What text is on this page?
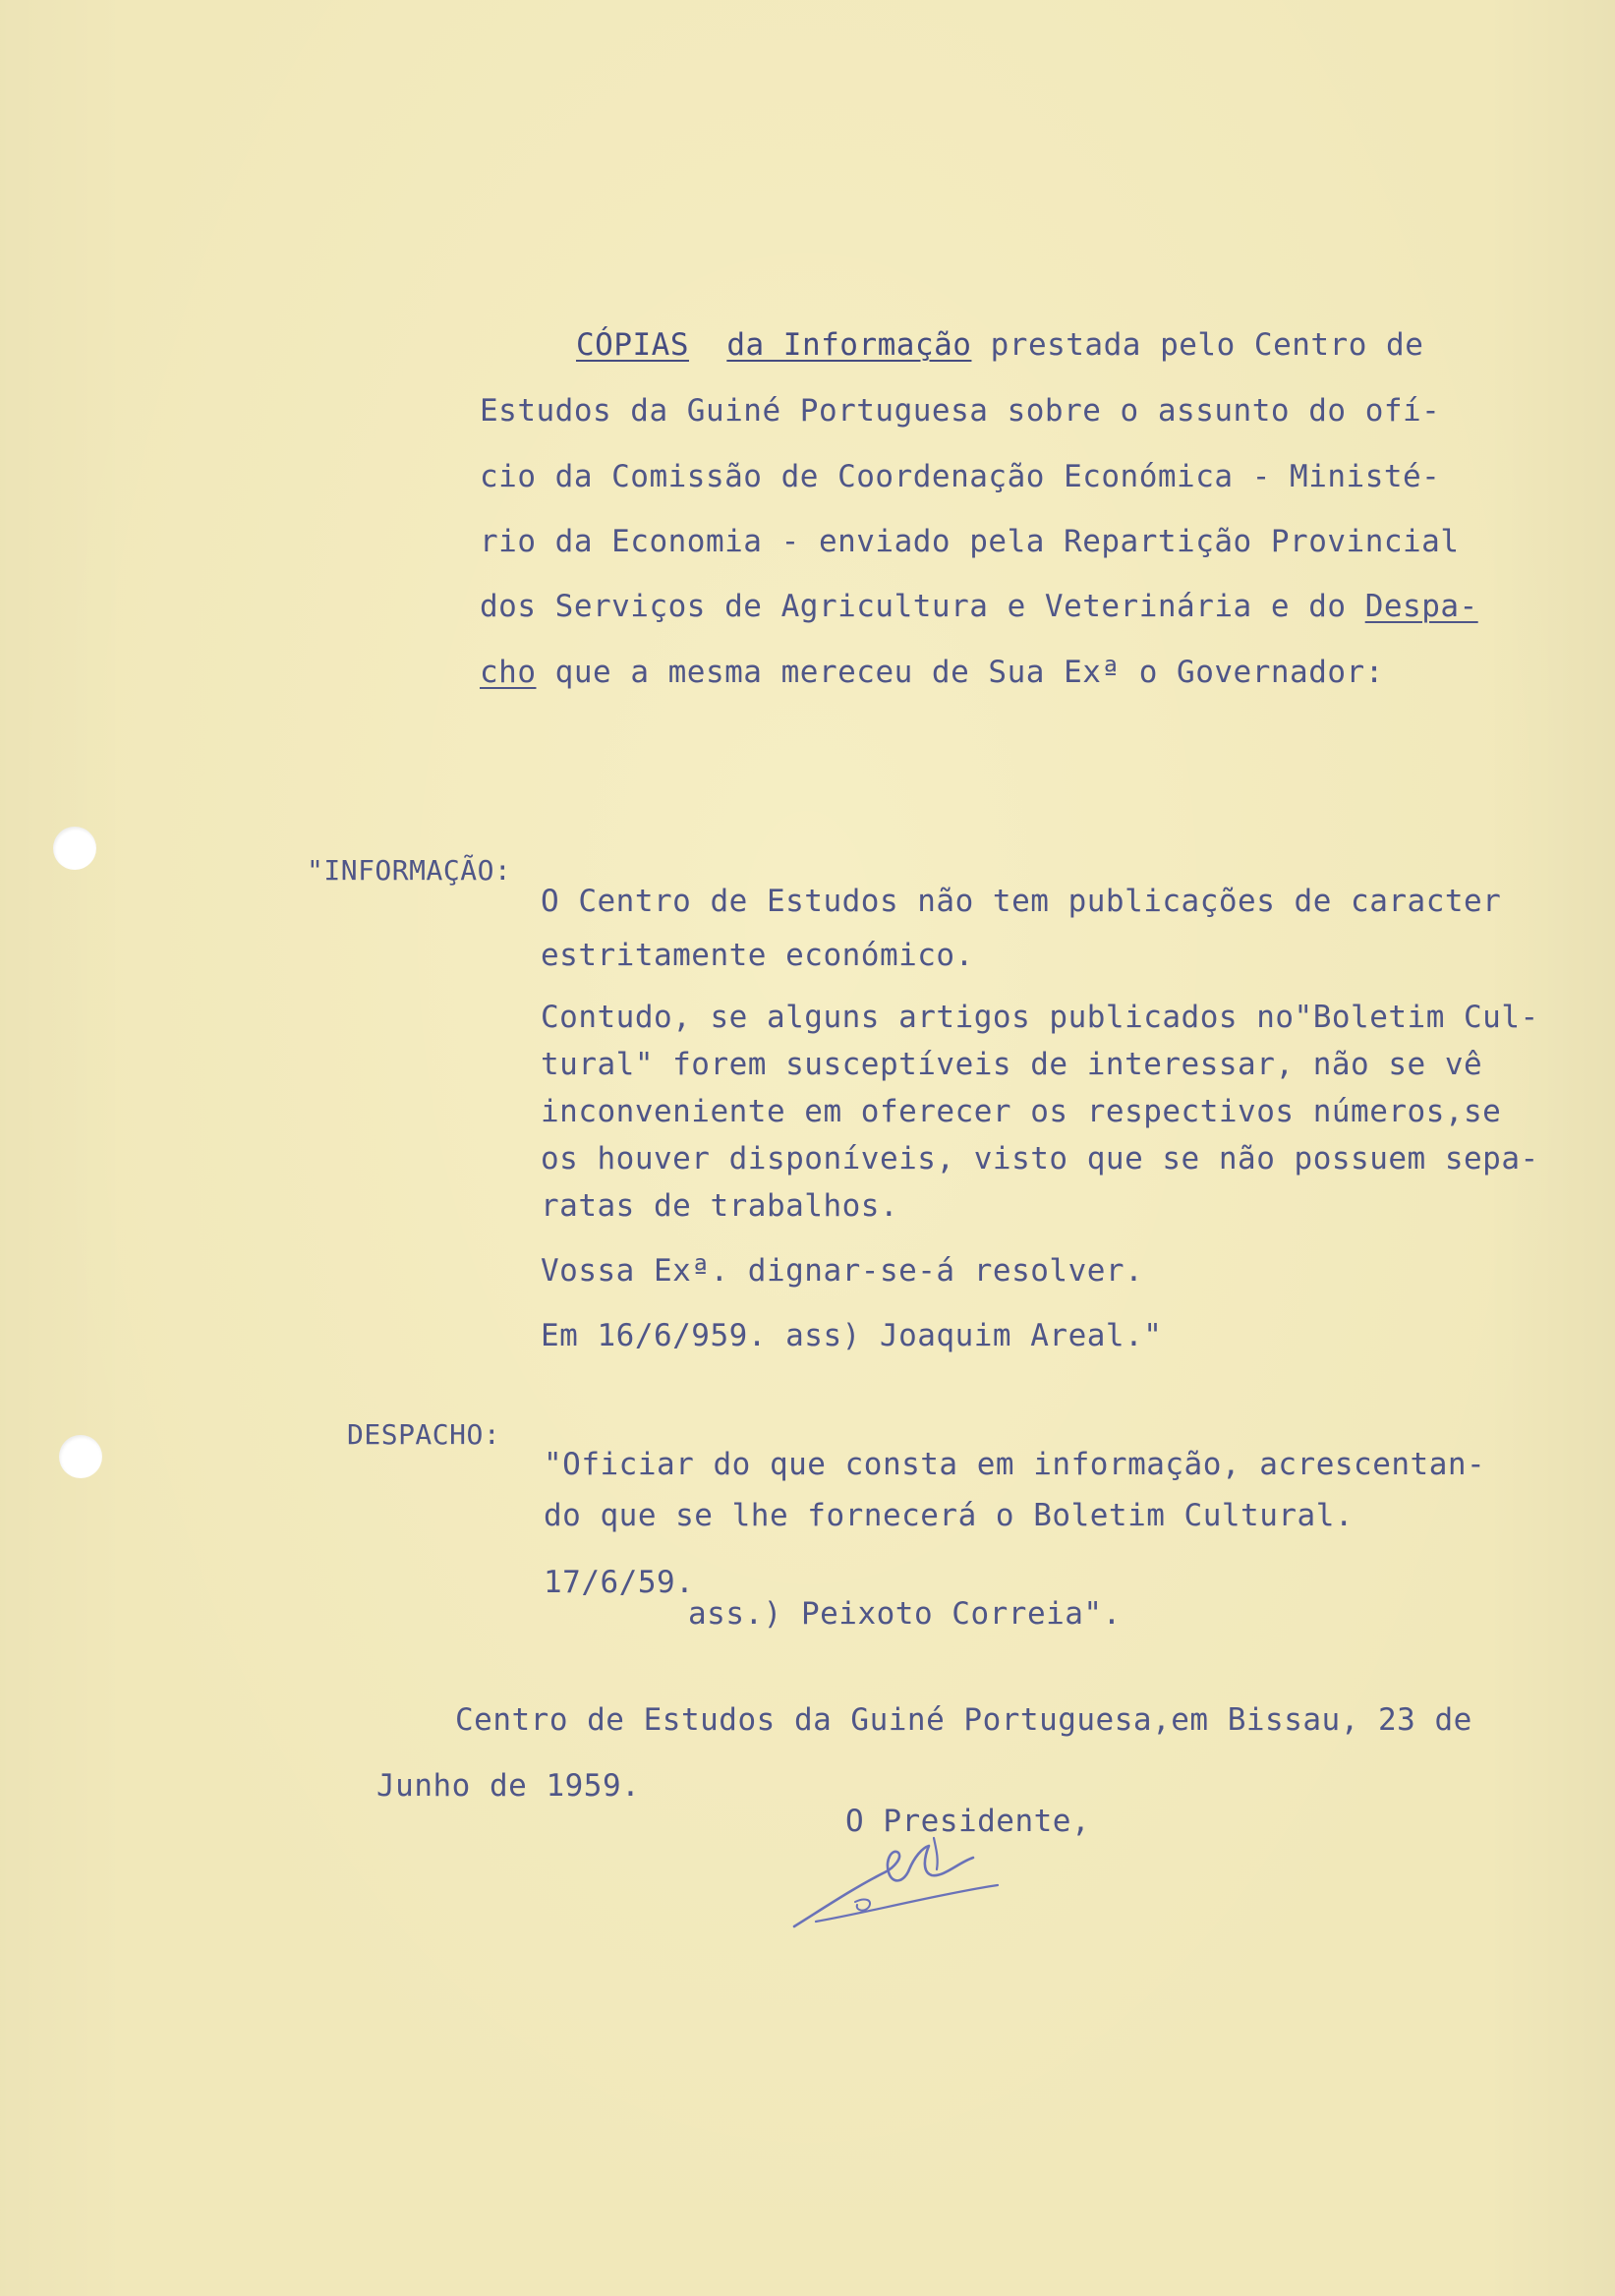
CÓPIAS da Informação prestada pelo Centro de
Estudos da Guiné Portuguesa sobre o assunto do ofí-
cio da Comissão de Coordenação Económica - Ministé-
rio da Economia - enviado pela Repartição Provincial
dos Serviços de Agricultura e Veterinária e do Despa-
cho que a mesma mereceu de Sua Exª o Governador:
"INFORMAÇÃO:
O Centro de Estudos não tem publicações de caracter
estritamente económico.
Contudo, se alguns artigos publicados no"Boletim Cul-
tural" forem susceptíveis de interessar, não se vê
inconveniente em oferecer os respectivos números,se
os houver disponíveis, visto que se não possuem sepa-
ratas de trabalhos.
Vossa Exª. dignar-se-á resolver.
Em 16/6/959. ass) Joaquim Areal."
DESPACHO:
"Oficiar do que consta em informação, acrescentan-
do que se lhe fornecerá o Boletim Cultural.
17/6/59.
ass.) Peixoto Correia".
Centro de Estudos da Guiné Portuguesa,em Bissau, 23 de
Junho de 1959.
O Presidente,
